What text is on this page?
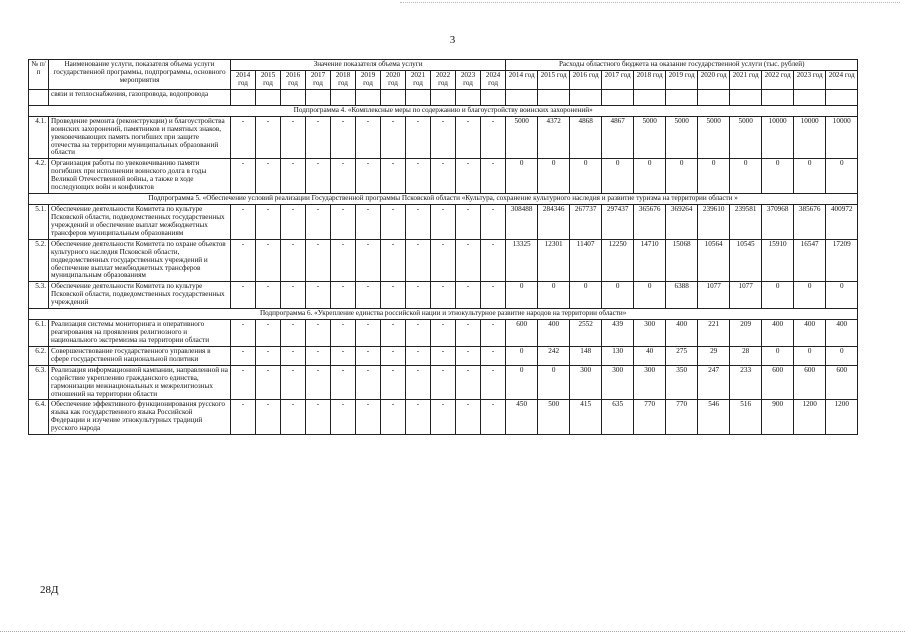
3
№ п/п	Наименование услуги, показателя объема услуги государственной программы, подпрограммы, основного мероприятия	Значение показателя объема услуги											Расходы областного бюджета на оказание государственной услуги (тыс. рублей)										
		2014 год	2015 год	2016 год	2017 год	2018 год	2019 год	2020 год	2021 год	2022 год	2023 год	2024 год	2014 год	2015 год	2016 год	2017 год	2018 год	2019 год	2020 год	2021 год	2022 год	2023 год	2024 год
	связи и теплоснабжения, газопровода, водопровода																						
Подпрограмма 4. «Комплексные меры по содержанию и благоустройству воинских захоронений»																							
4.1.	Проведение ремонта (реконструкции) и благоустройства воинских захоронений, памятников и памятных знаков, увековечивающих память погибших при защите отечества на территории муниципальных образований области	-	-	-	-	-	-	-	-	-	-	-	5000	4372	4868	4867	5000	5000	5000	5000	10000	10000	10000
4.2.	Организация работы по увековечиванию памяти погибших при исполнении воинского долга в годы Великой Отечественной войны, а также в ходе последующих войн и конфликтов	-	-	-	-	-	-	-	-	-	-	-	0	0	0	0	0	0	0	0	0	0	0
Подпрограмма 5. «Обеспечение условий реализации Государственной программы Псковской области «Культура, сохранение культурного наследия и развитие туризма на территории области »																							
5.1.	Обеспечение деятельности Комитета по культуре Псковской области, подведомственных государственных учреждений и обеспечение выплат межбюджетных трансферов муниципальным образованиям	-	-	-	-	-	-	-	-	-	-	-	308488	284346	267737	297437	365676	369264	239610	239581	370968	385676	400972
5.2.	Обеспечение деятельности Комитета по охране объектов культурного наследия Псковской области, подведомственных государственных учреждений и обеспечение выплат межбюджетных трансферов муниципальным образованиям	-	-	-	-	-	-	-	-	-	-	-	13325	12301	11407	12250	14710	15068	10564	10545	15910	16547	17209
5.3.	Обеспечение деятельности Комитета по культуре Псковской области, подведомственных государственных учреждений	-	-	-	-	-	-	-	-	-	-	-	0	0	0	0	0	6388	1077	1077	0	0	0
Подпрограмма 6. «Укрепление единства российской нации и этнокультурное развитие народов на территории области»																							
6.1.	Реализация системы мониторинга и оперативного реагирования на проявления религиозного и национального экстремизма на территории области	-	-	-	-	-	-	-	-	-	-	-	600	400	2552	439	300	400	221	209	400	400	400
6.2.	Совершенствование государственного управления в сфере государственной национальной политики	-	-	-	-	-	-	-	-	-	-	-	0	242	148	130	40	275	29	28	0	0	0
6.3.	Реализация информационной кампании, направленной на содействие укреплению гражданского единства, гармонизации межнациональных и межрелигиозных отношений на территории области	-	-	-	-	-	-	-	-	-	-	-	0	0	300	300	300	350	247	233	600	600	600
6.4.	Обеспечение эффективного функционирования русского языка как государственного языка Российской Федерации и изучение этнокультурных традиций русского народа	-	-	-	-	-	-	-	-	-	-	-	450	500	415	635	770	770	546	516	900	1200	1200
28Д
